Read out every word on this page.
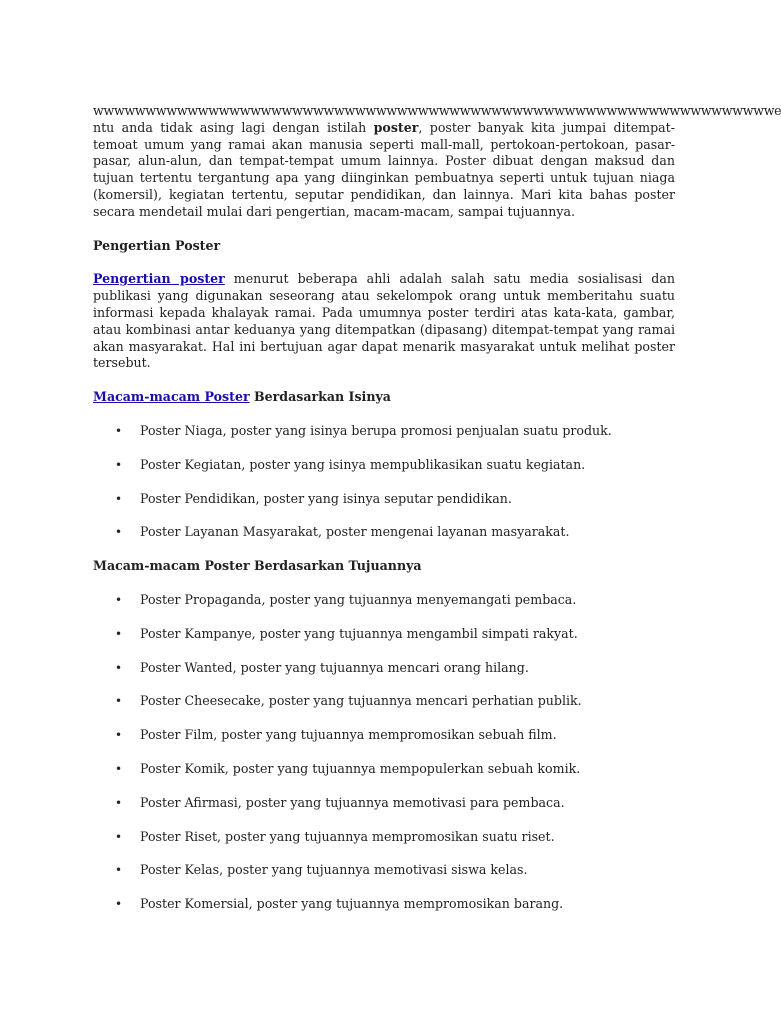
wwwwwwwwwwwwwwwwwwwwwwwwwwwwwwwwwwwwwwwwwwwwwwwwwwwwwwwwwwwwwwwwwe

ntu anda tidak asing lagi dengan istilah poster, poster banyak kita jumpai ditempat-temoat umum yang ramai akan manusia seperti mall-mall, pertokoan-pertokoan, pasar-pasar, alun-alun, dan tempat-tempat umum lainnya. Poster dibuat dengan maksud dan tujuan tertentu tergantung apa yang diinginkan pembuatnya seperti untuk tujuan niaga (komersil), kegiatan tertentu, seputar pendidikan, dan lainnya. Mari kita bahas poster secara mendetail mulai dari pengertian, macam-macam, sampai tujuannya.

Pengertian Poster

Pengertian poster menurut beberapa ahli adalah salah satu media sosialisasi dan publikasi yang digunakan seseorang atau sekelompok orang untuk memberitahu suatu informasi kepada khalayak ramai. Pada umumnya poster terdiri atas kata-kata, gambar, atau kombinasi antar keduanya yang ditempatkan (dipasang) ditempat-tempat yang ramai akan masyarakat. Hal ini bertujuan agar dapat menarik masyarakat untuk melihat poster tersebut.

Macam-macam Poster Berdasarkan Isinya

• Poster Niaga, poster yang isinya berupa promosi penjualan suatu produk.
• Poster Kegiatan, poster yang isinya mempublikasikan suatu kegiatan.
• Poster Pendidikan, poster yang isinya seputar pendidikan.
• Poster Layanan Masyarakat, poster mengenai layanan masyarakat.

Macam-macam Poster Berdasarkan Tujuannya

• Poster Propaganda, poster yang tujuannya menyemangati pembaca.
• Poster Kampanye, poster yang tujuannya mengambil simpati rakyat.
• Poster Wanted, poster yang tujuannya mencari orang hilang.
• Poster Cheesecake, poster yang tujuannya mencari perhatian publik.
• Poster Film, poster yang tujuannya mempromosikan sebuah film.
• Poster Komik, poster yang tujuannya mempopulerkan sebuah komik.
• Poster Afirmasi, poster yang tujuannya memotivasi para pembaca.
• Poster Riset, poster yang tujuannya mempromosikan suatu riset.
• Poster Kelas, poster yang tujuannya memotivasi siswa kelas.
• Poster Komersial, poster yang tujuannya mempromosikan barang.
